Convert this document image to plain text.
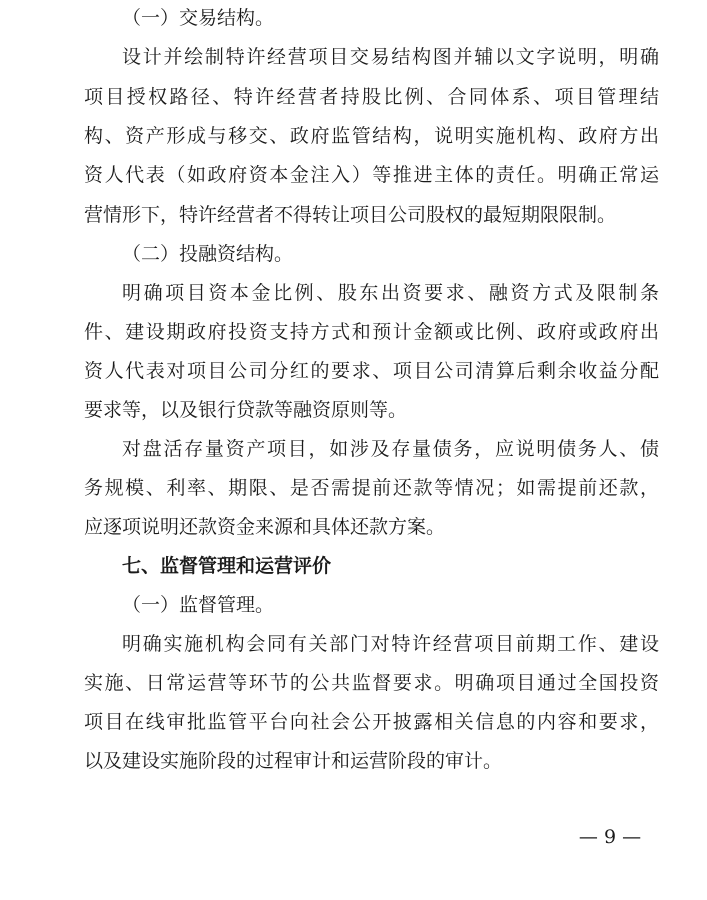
（一）交易结构。
设计并绘制特许经营项目交易结构图并辅以文字说明，明确
项目授权路径、特许经营者持股比例、合同体系、项目管理结
构、资产形成与移交、政府监管结构，说明实施机构、政府方出
资人代表（如政府资本金注入）等推进主体的责任。明确正常运
营情形下，特许经营者不得转让项目公司股权的最短期限限制。
（二）投融资结构。
明确项目资本金比例、股东出资要求、融资方式及限制条
件、建设期政府投资支持方式和预计金额或比例、政府或政府出
资人代表对项目公司分红的要求、项目公司清算后剩余收益分配
要求等，以及银行贷款等融资原则等。
对盘活存量资产项目，如涉及存量债务，应说明债务人、债
务规模、利率、期限、是否需提前还款等情况；如需提前还款，
应逐项说明还款资金来源和具体还款方案。
七、监督管理和运营评价
（一）监督管理。
明确实施机构会同有关部门对特许经营项目前期工作、建设
实施、日常运营等环节的公共监督要求。明确项目通过全国投资
项目在线审批监管平台向社会公开披露相关信息的内容和要求，
以及建设实施阶段的过程审计和运营阶段的审计。
— 9 —
